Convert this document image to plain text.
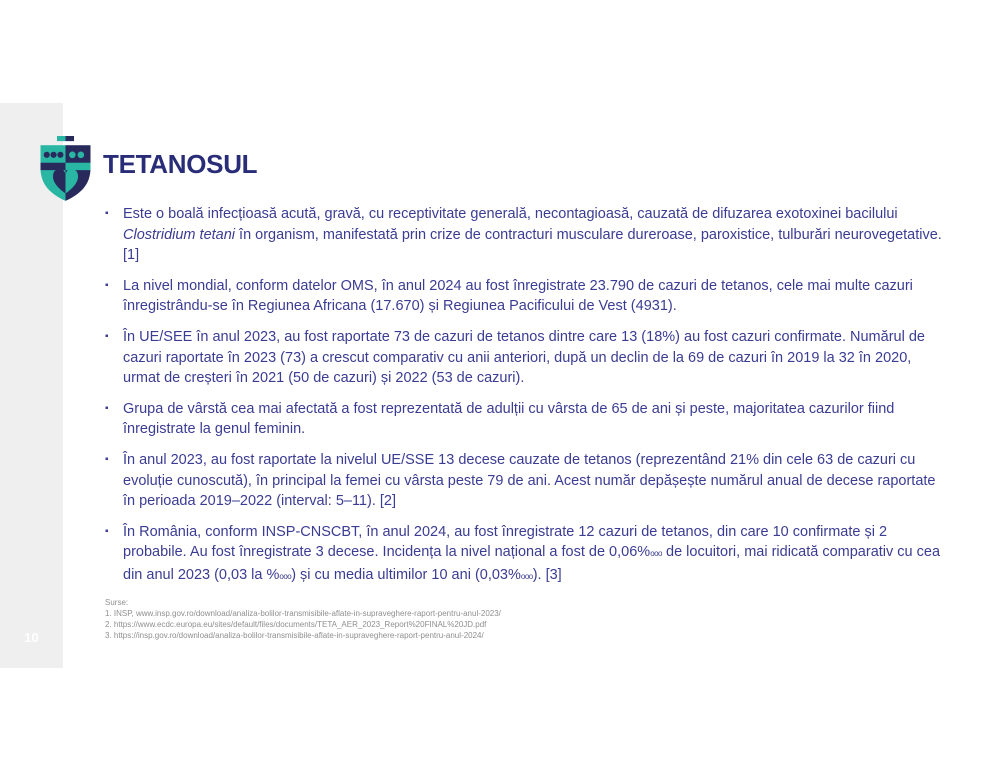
10
TETANOSUL
▪ Este o boală infecțioasă acută, gravă, cu receptivitate generală, necontagioasă, cauzată de difuzarea exotoxinei bacilului Clostridium tetani în organism, manifestată prin crize de contracturi musculare dureroase, paroxistice, tulburări neurovegetative. [1]
▪ La nivel mondial, conform datelor OMS, în anul 2024 au fost înregistrate 23.790 de cazuri de tetanos, cele mai multe cazuri înregistrându-se în Regiunea Africana (17.670) și Regiunea Pacificului de Vest (4931).
▪ În UE/SEE în anul 2023, au fost raportate 73 de cazuri de tetanos dintre care 13 (18%) au fost cazuri confirmate. Numărul de cazuri raportate în 2023 (73) a crescut comparativ cu anii anteriori, după un declin de la 69 de cazuri în 2019 la 32 în 2020, urmat de creșteri în 2021 (50 de cazuri) și 2022 (53 de cazuri).
▪ Grupa de vârstă cea mai afectată a fost reprezentată de adulții cu vârsta de 65 de ani și peste, majoritatea cazurilor fiind înregistrate la genul feminin.
▪ În anul 2023, au fost raportate la nivelul UE/SSE 13 decese cauzate de tetanos (reprezentând 21% din cele 63 de cazuri cu evoluție cunoscută), în principal la femei cu vârsta peste 79 de ani. Acest număr depășește numărul anual de decese raportate în perioada 2019–2022 (interval: 5–11). [2]
▪ În România, conform INSP-CNSCBT, în anul 2024, au fost înregistrate 12 cazuri de tetanos, din care 10 confirmate și 2 probabile. Au fost înregistrate 3 decese. Incidența la nivel național a fost de 0,06%ooo de locuitori, mai ridicată comparativ cu cea din anul 2023 (0,03 la %ooo) și cu media ultimilor 10 ani (0,03%ooo). [3]
Surse:
1. INSP, www.insp.gov.ro/download/analiza-bolilor-transmisibile-aflate-in-supraveghere-raport-pentru-anul-2023/
2. https://www.ecdc.europa.eu/sites/default/files/documents/TETA_AER_2023_Report%20FINAL%20JD.pdf
3. https://insp.gov.ro/download/analiza-bolilor-transmisibile-aflate-in-supraveghere-raport-pentru-anul-2024/
